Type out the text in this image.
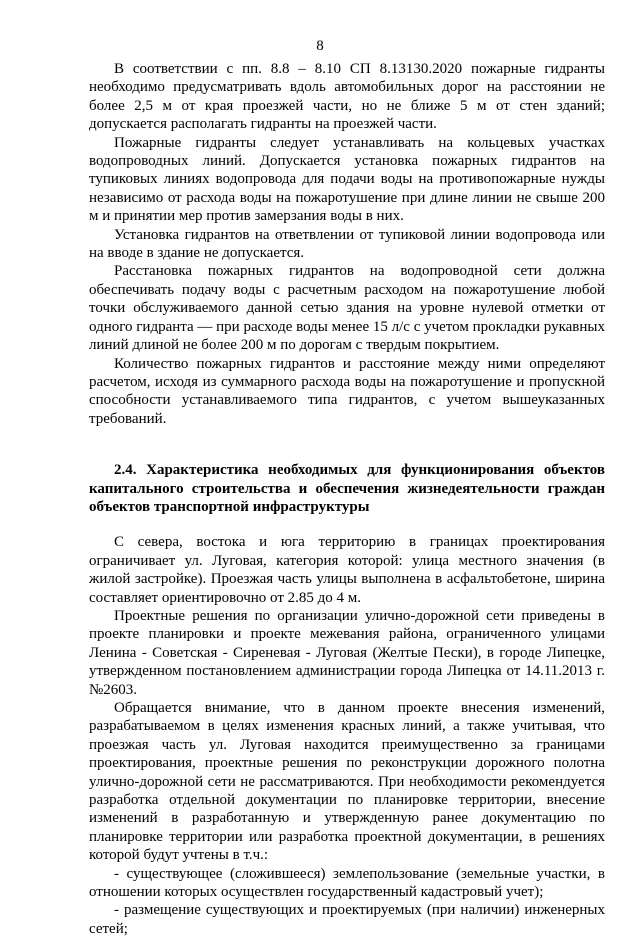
8

В соответствии с пп. 8.8 – 8.10 СП 8.13130.2020 пожарные гидранты необходимо предусматривать вдоль автомобильных дорог на расстоянии не более 2,5 м от края проезжей части, но не ближе 5 м от стен зданий; допускается располагать гидранты на проезжей части.

Пожарные гидранты следует устанавливать на кольцевых участках водопроводных линий. Допускается установка пожарных гидрантов на тупиковых линиях водопровода для подачи воды на противопожарные нужды независимо от расхода воды на пожаротушение при длине линии не свыше 200 м и принятии мер против замерзания воды в них.

Установка гидрантов на ответвлении от тупиковой линии водопровода или на вводе в здание не допускается.

Расстановка пожарных гидрантов на водопроводной сети должна обеспечивать подачу воды с расчетным расходом на пожаротушение любой точки обслуживаемого данной сетью здания на уровне нулевой отметки от одного гидранта — при расходе воды менее 15 л/с с учетом прокладки рукавных линий длиной не более 200 м по дорогам с твердым покрытием.

Количество пожарных гидрантов и расстояние между ними определяют расчетом, исходя из суммарного расхода воды на пожаротушение и пропускной способности устанавливаемого типа гидрантов, с учетом вышеуказанных требований.

2.4. Характеристика необходимых для функционирования объектов капитального строительства и обеспечения жизнедеятельности граждан объектов транспортной инфраструктуры

С севера, востока и юга территорию в границах проектирования ограничивает ул. Луговая, категория которой: улица местного значения (в жилой застройке). Проезжая часть улицы выполнена в асфальтобетоне, ширина составляет ориентировочно от 2.85 до 4 м.

Проектные решения по организации улично-дорожной сети приведены в проекте планировки и проекте межевания района, ограниченного улицами Ленина - Советская - Сиреневая - Луговая (Желтые Пески), в городе Липецке, утвержденном постановлением администрации города Липецка от 14.11.2013 г. №2603.

Обращается внимание, что в данном проекте внесения изменений, разрабатываемом в целях изменения красных линий, а также учитывая, что проезжая часть ул. Луговая находится преимущественно за границами проектирования, проектные решения по реконструкции дорожного полотна улично-дорожной сети не рассматриваются. При необходимости рекомендуется разработка отдельной документации по планировке территории, внесение изменений в разработанную и утвержденную ранее документацию по планировке территории или разработка проектной документации, в решениях которой будут учтены в т.ч.:

- существующее (сложившееся) землепользование (земельные участки, в отношении которых осуществлен государственный кадастровый учет);

- размещение существующих и проектируемых (при наличии) инженерных сетей;
